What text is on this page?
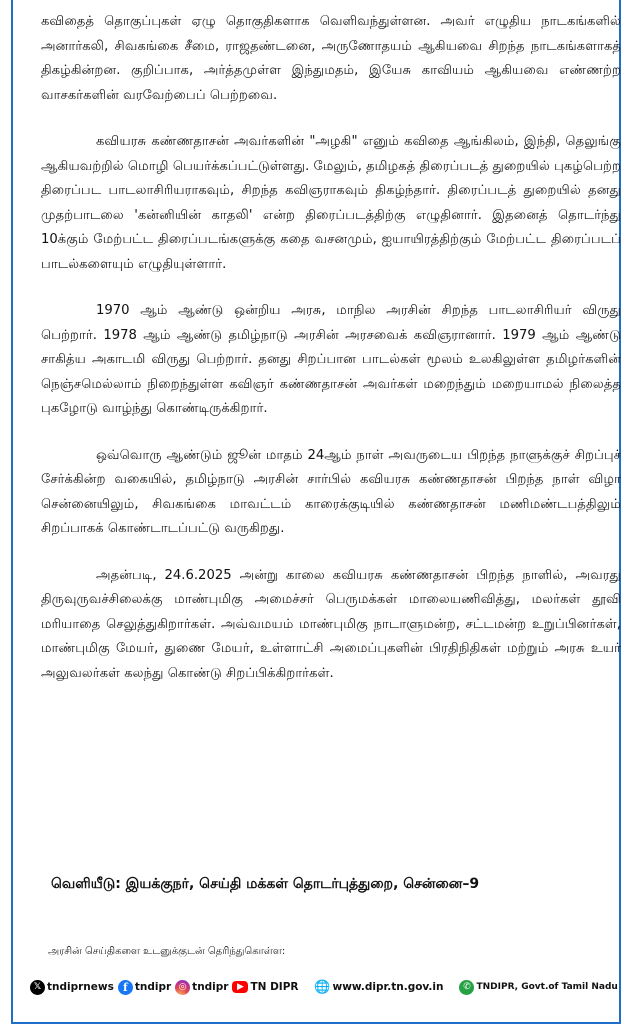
கவிதைத் தொகுப்புகள் ஏழு தொகுதிகளாக வெளிவந்துள்ளன. அவர் எழுதிய நாடகங்களில் அனார்கலி, சிவகங்கை சீமை, ராஜதண்டனை, அருணோதயம் ஆகியவை சிறந்த நாடகங்களாகத் திகழ்கின்றன. குறிப்பாக, அர்த்தமுள்ள இந்துமதம், இயேசு காவியம் ஆகியவை எண்ணற்ற வாசகர்களின் வரவேற்பைப் பெற்றவை.

கவியரசு கண்ணதாசன் அவர்களின் "அழகி" எனும் கவிதை ஆங்கிலம், இந்தி, தெலுங்கு ஆகியவற்றில் மொழி பெயர்க்கப்பட்டுள்ளது. மேலும், தமிழகத் திரைப்படத் துறையில் புகழ்பெற்ற திரைப்பட பாடலாசிரியராகவும், சிறந்த கவிஞராகவும் திகழ்ந்தார். திரைப்படத் துறையில் தனது முதற்பாடலை 'கன்னியின் காதலி' என்ற திரைப்படத்திற்கு எழுதினார். இதனைத் தொடர்ந்து 10க்கும் மேற்பட்ட திரைப்படங்களுக்கு கதை வசனமும், ஐயாயிரத்திற்கும் மேற்பட்ட திரைப்படப் பாடல்களையும் எழுதியுள்ளார்.

1970 ஆம் ஆண்டு ஒன்றிய அரசு, மாநில அரசின் சிறந்த பாடலாசிரியர் விருது பெற்றார். 1978 ஆம் ஆண்டு தமிழ்நாடு அரசின் அரசவைக் கவிஞரானார். 1979 ஆம் ஆண்டு சாகித்ய அகாடமி விருது பெற்றார். தனது சிறப்பான பாடல்கள் மூலம் உலகிலுள்ள தமிழர்களின் நெஞ்சமெல்லாம் நிறைந்துள்ள கவிஞர் கண்ணதாசன் அவர்கள் மறைந்தும் மறையாமல் நிலைத்த புகழோடு வாழ்ந்து கொண்டிருக்கிறார்.

ஒவ்வொரு ஆண்டும் ஜூன் மாதம் 24ஆம் நாள் அவருடைய பிறந்த நாளுக்குச் சிறப்புச் சேர்க்கின்ற வகையில், தமிழ்நாடு அரசின் சார்பில் கவியரசு கண்ணதாசன் பிறந்த நாள் விழா சென்னையிலும், சிவகங்கை மாவட்டம் காரைக்குடியில் கண்ணதாசன் மணிமண்டபத்திலும் சிறப்பாகக் கொண்டாடப்பட்டு வருகிறது.

அதன்படி, 24.6.2025 அன்று காலை கவியரசு கண்ணதாசன் பிறந்த நாளில், அவரது திருவுருவச்சிலைக்கு மாண்புமிகு அமைச்சர் பெருமக்கள் மாலையணிவித்து, மலர்கள் தூவி மரியாதை செலுத்துகிறார்கள். அவ்வமயம் மாண்புமிகு நாடாளுமன்ற, சட்டமன்ற உறுப்பினர்கள், மாண்புமிகு மேயர், துணை மேயர், உள்ளாட்சி அமைப்புகளின் பிரதிநிதிகள் மற்றும் அரசு உயர் அலுவலர்கள் கலந்து கொண்டு சிறப்பிக்கிறார்கள்.

வெளியீடு: இயக்குநர், செய்தி மக்கள் தொடர்புத்துறை, சென்னை–9
அரசின் செய்திகளை உடனுக்குடன் தெரிந்துகொள்ள:
𝕏 tndiprnews f tndipr ◎ tndipr ▶ TN DIPR 🌐 www.dipr.tn.gov.in	✆ TNDIPR, Govt.of Tamil Nadu
